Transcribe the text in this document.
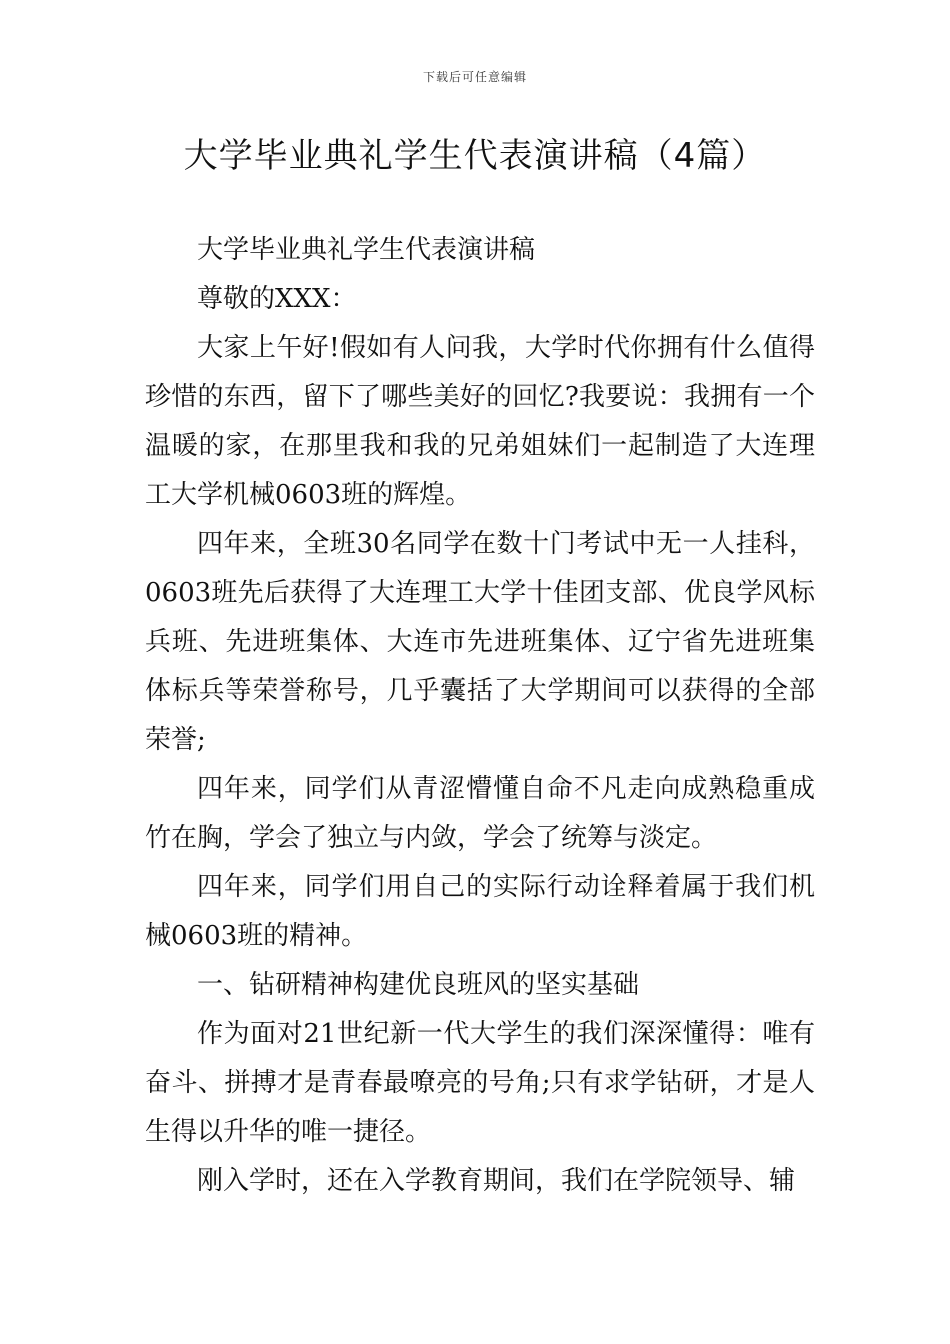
下载后可任意编辑
大学毕业典礼学生代表演讲稿（4篇）

大学毕业典礼学生代表演讲稿

尊敬的XXX：

大家上午好!假如有人问我，大学时代你拥有什么值得珍惜的东西，留下了哪些美好的回忆?我要说：我拥有一个温暖的家，在那里我和我的兄弟姐妹们一起制造了大连理工大学机械0603班的辉煌。

四年来，全班30名同学在数十门考试中无一人挂科，0603班先后获得了大连理工大学十佳团支部、优良学风标兵班、先进班集体、大连市先进班集体、辽宁省先进班集体标兵等荣誉称号，几乎囊括了大学期间可以获得的全部荣誉;

四年来，同学们从青涩懵懂自命不凡走向成熟稳重成竹在胸，学会了独立与内敛，学会了统筹与淡定。

四年来，同学们用自己的实际行动诠释着属于我们机械0603班的精神。

一、钻研精神构建优良班风的坚实基础

作为面对21世纪新一代大学生的我们深深懂得：唯有奋斗、拼搏才是青春最嘹亮的号角;只有求学钻研，才是人生得以升华的唯一捷径。

刚入学时，还在入学教育期间，我们在学院领导、辅
